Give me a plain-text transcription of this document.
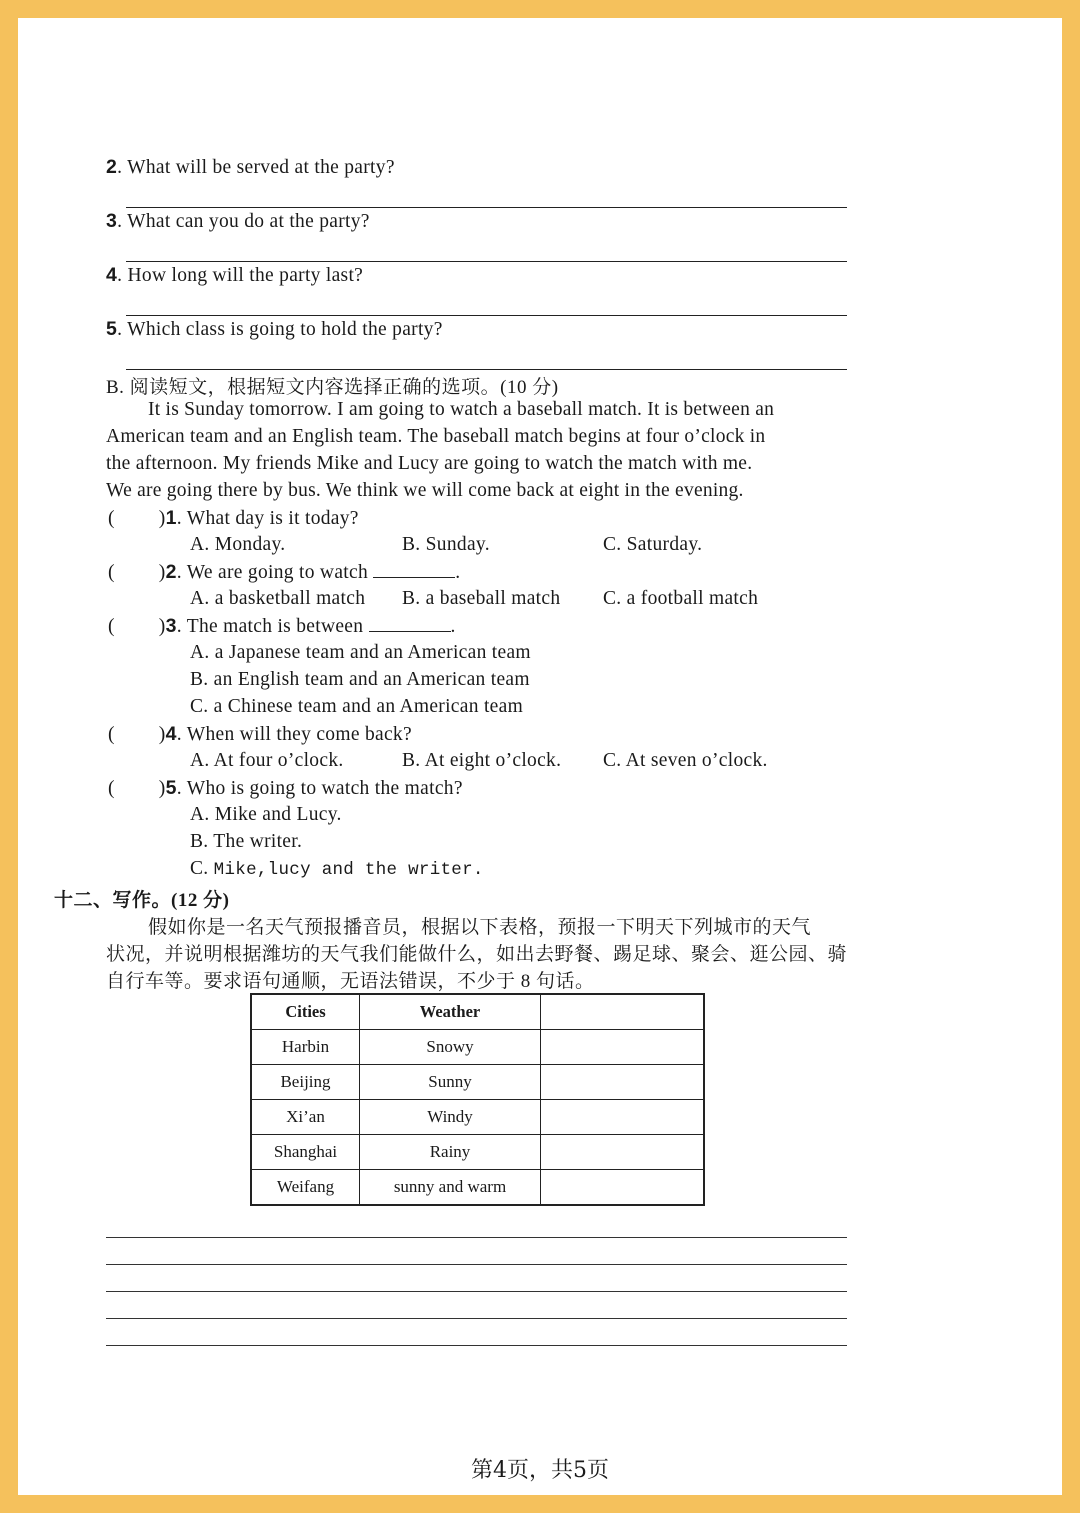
2. What will be served at the party?
3. What can you do at the party?
4. How long will the party last?
5. Which class is going to hold the party?
B. 阅读短文，根据短文内容选择正确的选项。(10 分)
It is Sunday tomorrow. I am going to watch a baseball match. It is between an
American team and an English team. The baseball match begins at four o’clock in
the afternoon. My friends Mike and Lucy are going to watch the match with me.
We are going there by bus. We think we will come back at eight in the evening.
( )1. What day is it today?
A. Monday.	B. Sunday.	C. Saturday.
( )2. We are going to watch	.
A. a basketball match B. a baseball match C. a football match
( )3. The match is between	.
A. a Japanese team and an American team
B. an English team and an American team
C. a Chinese team and an American team
( )4. When will they come back?
A. At four o’clock.	B. At eight o’clock. C. At seven o’clock.
( )5. Who is going to watch the match?
A. Mike and Lucy.
B. The writer.
C. Mike,lucy and the writer.
十二、写作。(12 分)
假如你是一名天气预报播音员，根据以下表格，预报一下明天下列城市的天气
状况，并说明根据潍坊的天气我们能做什么，如出去野餐、踢足球、聚会、逛公园、骑
自行车等。要求语句通顺，无语法错误，不少于 8 句话。
Cities	Weather	
Harbin	Snowy	
Beijing	Sunny	
Xi’an	Windy	
Shanghai	Rainy	
Weifang	sunny and warm	
第4页，共5页
